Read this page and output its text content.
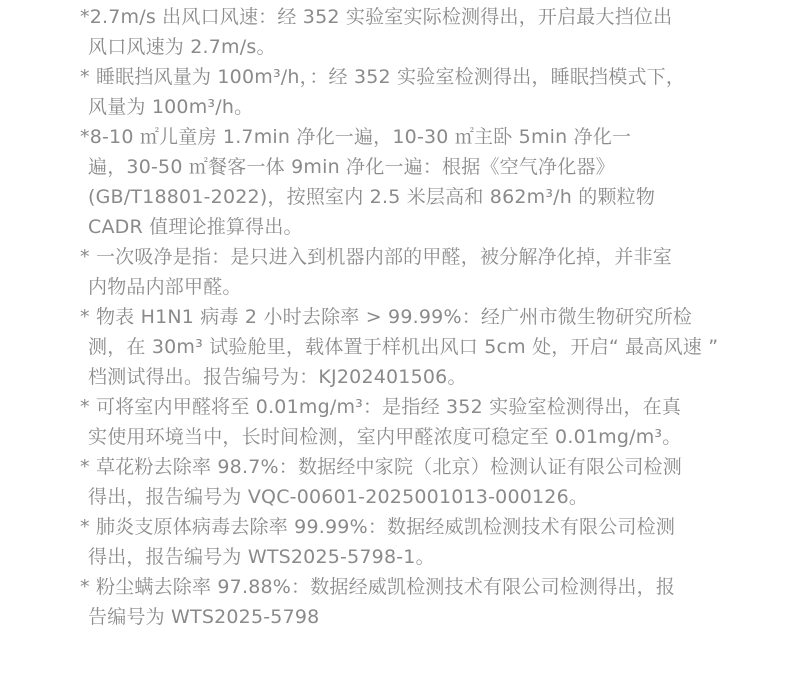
*2.7m/s 出风口风速：经 352 实验室实际检测得出，开启最大挡位出
风口风速为 2.7m/s。
* 睡眠挡风量为 100m³/h，：经 352 实验室检测得出，睡眠挡模式下，
风量为 100m³/h。
*8-10 ㎡儿童房 1.7min 净化一遍，10-30 ㎡主卧 5min 净化一
遍，30-50 ㎡餐客一体 9min 净化一遍：根据《空气净化器》
(GB/T18801-2022)，按照室内 2.5 米层高和 862m³/h 的颗粒物
CADR 值理论推算得出。
* 一次吸净是指：是只进入到机器内部的甲醛，被分解净化掉，并非室
内物品内部甲醛。
* 物表 H1N1 病毒 2 小时去除率 > 99.99%：经广州市微生物研究所检
测，在 30m³ 试验舱里，载体置于样机出风口 5cm 处，开启“ 最高风速 ”
档测试得出。报告编号为：KJ202401506。
* 可将室内甲醛将至 0.01mg/m³：是指经 352 实验室检测得出，在真
实使用环境当中，长时间检测，室内甲醛浓度可稳定至 0.01mg/m³。
* 草花粉去除率 98.7%：数据经中家院（北京）检测认证有限公司检测
得出，报告编号为 VQC-00601-2025001013-000126。
* 肺炎支原体病毒去除率 99.99%：数据经威凯检测技术有限公司检测
得出，报告编号为 WTS2025-5798-1。
* 粉尘螨去除率 97.88%：数据经威凯检测技术有限公司检测得出，报
告编号为 WTS2025-5798
